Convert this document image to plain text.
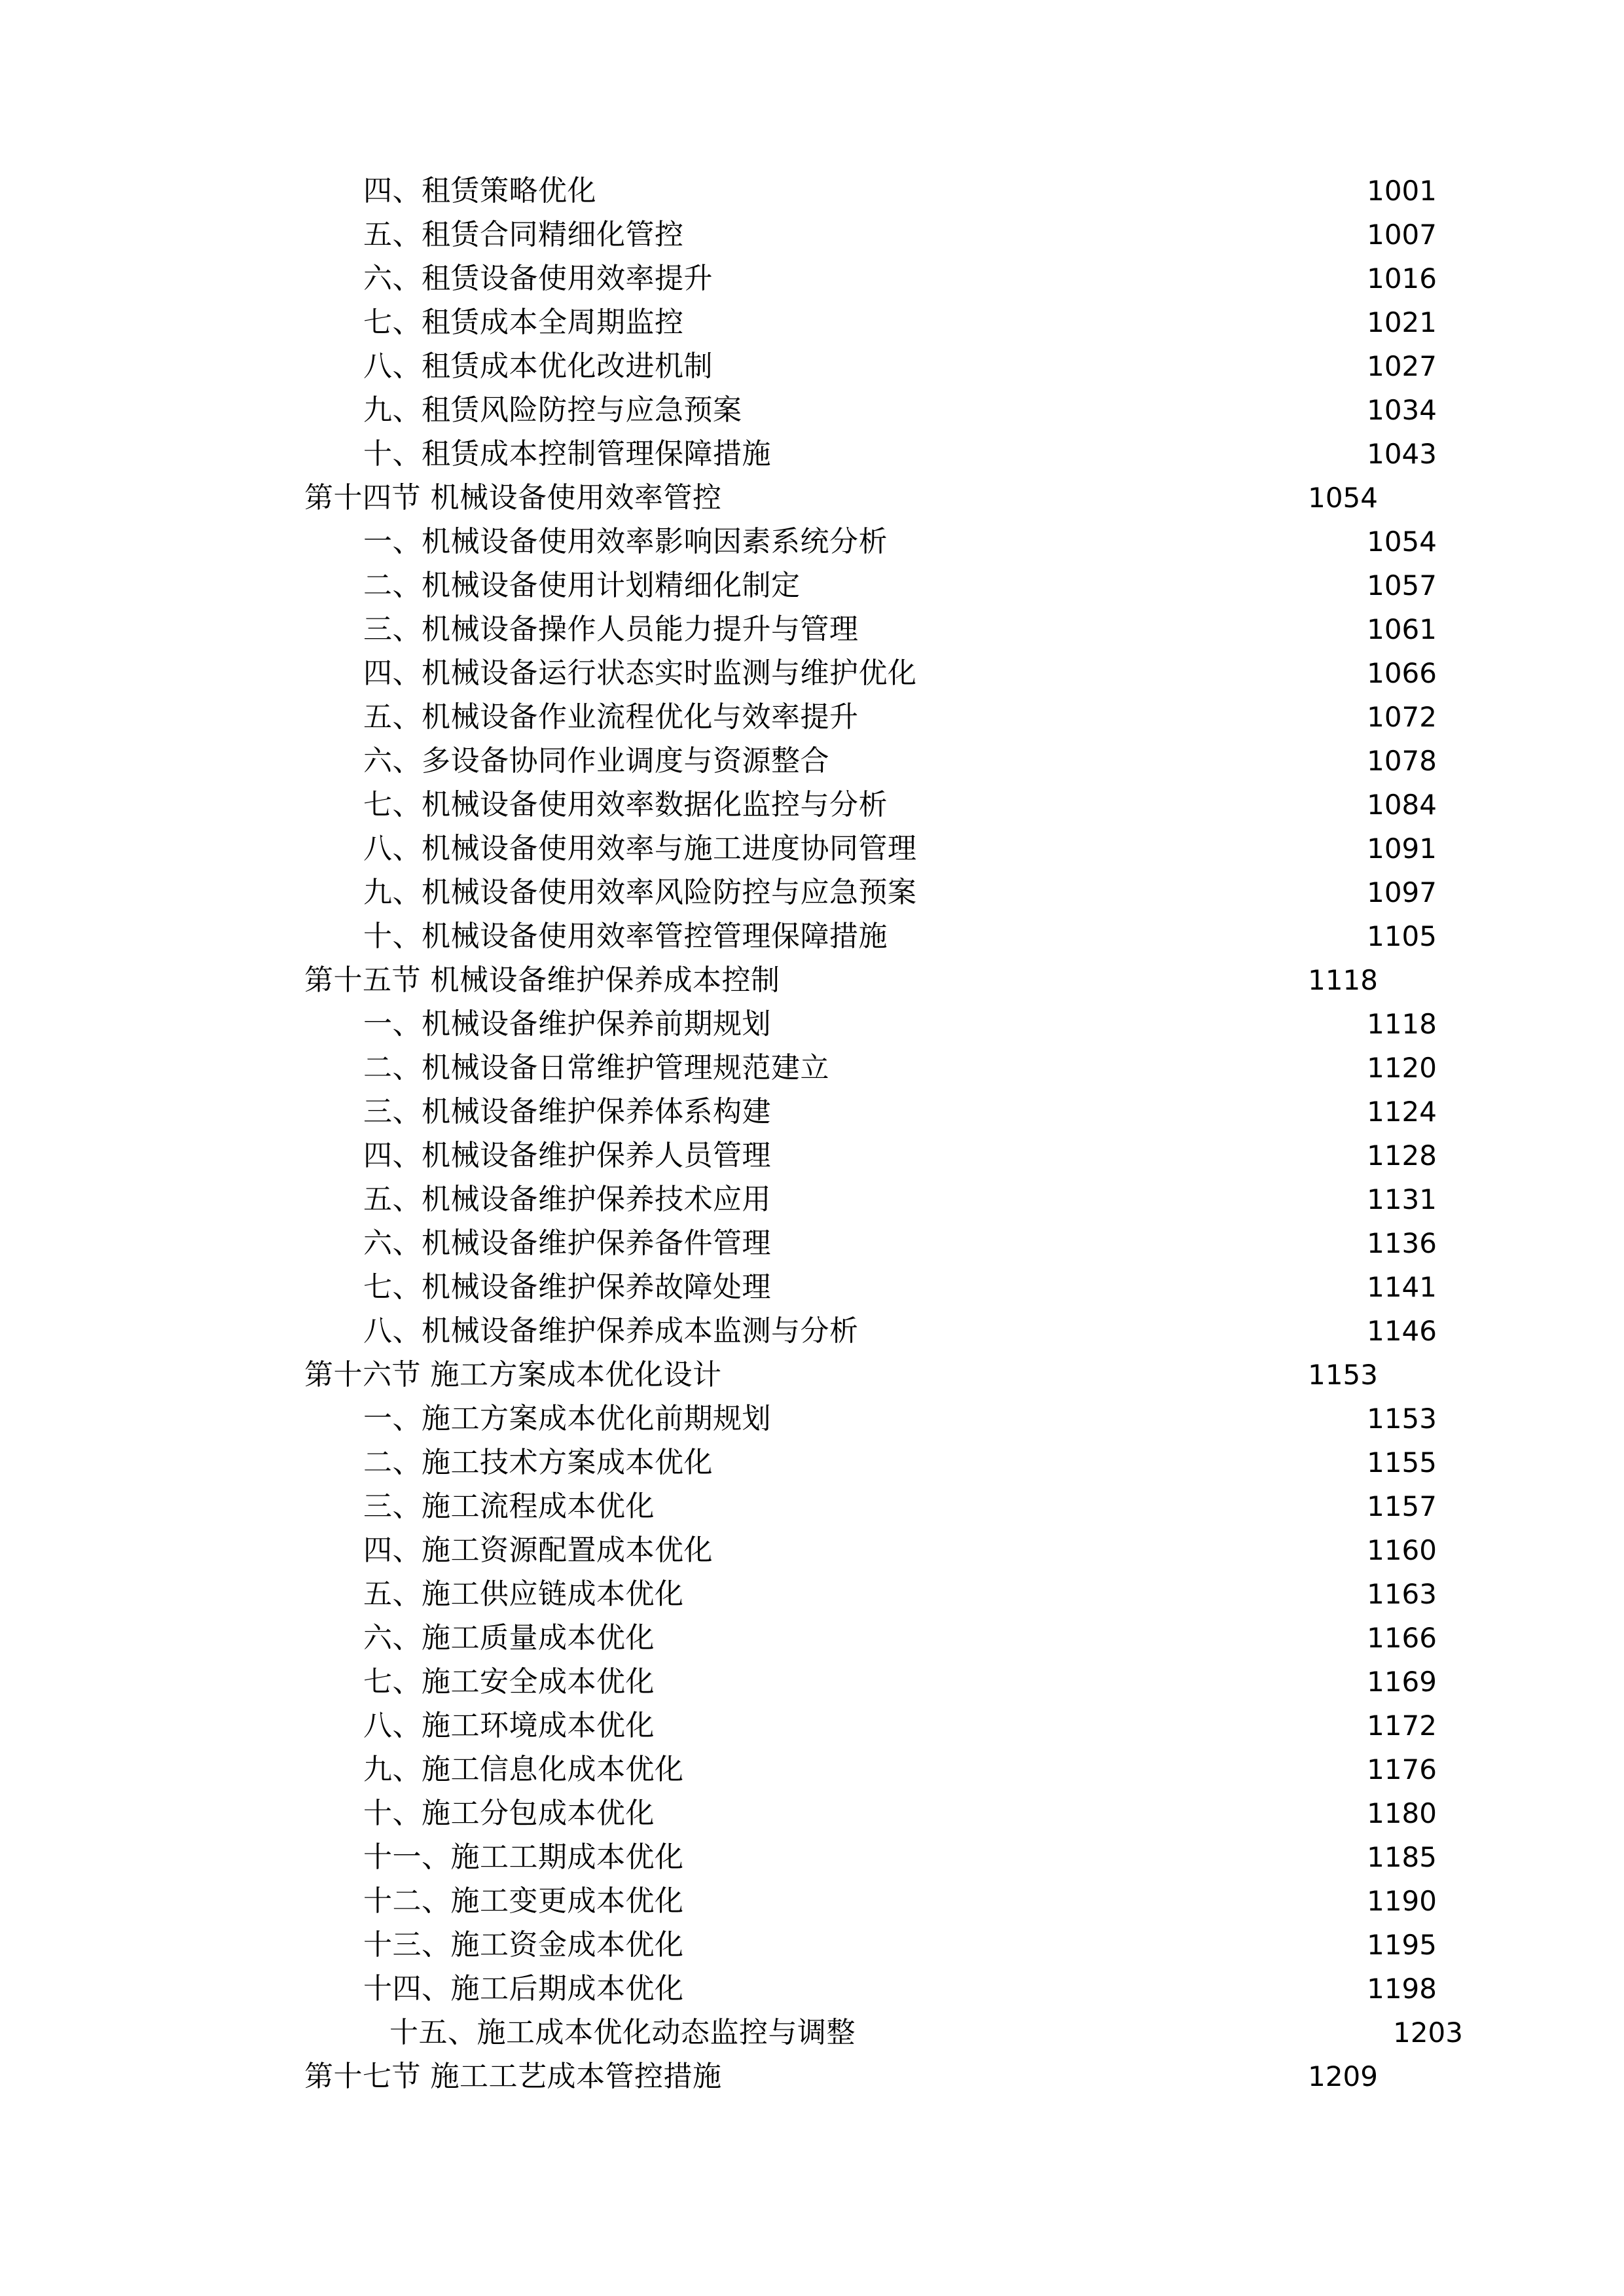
四、租赁策略优化 .....	1001
五、租赁合同精细化管控 .....	1007
六、租赁设备使用效率提升 .....	1016
七、租赁成本全周期监控 .....	1021
八、租赁成本优化改进机制 .....	1027
九、租赁风险防控与应急预案 .....	1034
十、租赁成本控制管理保障措施 .....	1043
第十四节 机械设备使用效率管控 .....	1054
一、机械设备使用效率影响因素系统分析 .....	1054
二、机械设备使用计划精细化制定 .....	1057
三、机械设备操作人员能力提升与管理 .....	1061
四、机械设备运行状态实时监测与维护优化 .....	1066
五、机械设备作业流程优化与效率提升 .....	1072
六、多设备协同作业调度与资源整合 .....	1078
七、机械设备使用效率数据化监控与分析 .....	1084
八、机械设备使用效率与施工进度协同管理 .....	1091
九、机械设备使用效率风险防控与应急预案 .....	1097
十、机械设备使用效率管控管理保障措施 .....	1105
第十五节 机械设备维护保养成本控制 .....	1118
一、机械设备维护保养前期规划 .....	1118
二、机械设备日常维护管理规范建立 .....	1120
三、机械设备维护保养体系构建 .....	1124
四、机械设备维护保养人员管理 .....	1128
五、机械设备维护保养技术应用 .....	1131
六、机械设备维护保养备件管理 .....	1136
七、机械设备维护保养故障处理 .....	1141
八、机械设备维护保养成本监测与分析 .....	1146
第十六节 施工方案成本优化设计 .....	1153
一、施工方案成本优化前期规划 .....	1153
二、施工技术方案成本优化 .....	1155
三、施工流程成本优化 .....	1157
四、施工资源配置成本优化 .....	1160
五、施工供应链成本优化 .....	1163
六、施工质量成本优化 .....	1166
七、施工安全成本优化 .....	1169
八、施工环境成本优化 .....	1172
九、施工信息化成本优化 .....	1176
十、施工分包成本优化 .....	1180
十一、施工工期成本优化 .....	1185
十二、施工变更成本优化 .....	1190
十三、施工资金成本优化 .....	1195
十四、施工后期成本优化 .....	1198
十五、施工成本优化动态监控与调整 .....	1203
第十七节 施工工艺成本管控措施 .....	1209
